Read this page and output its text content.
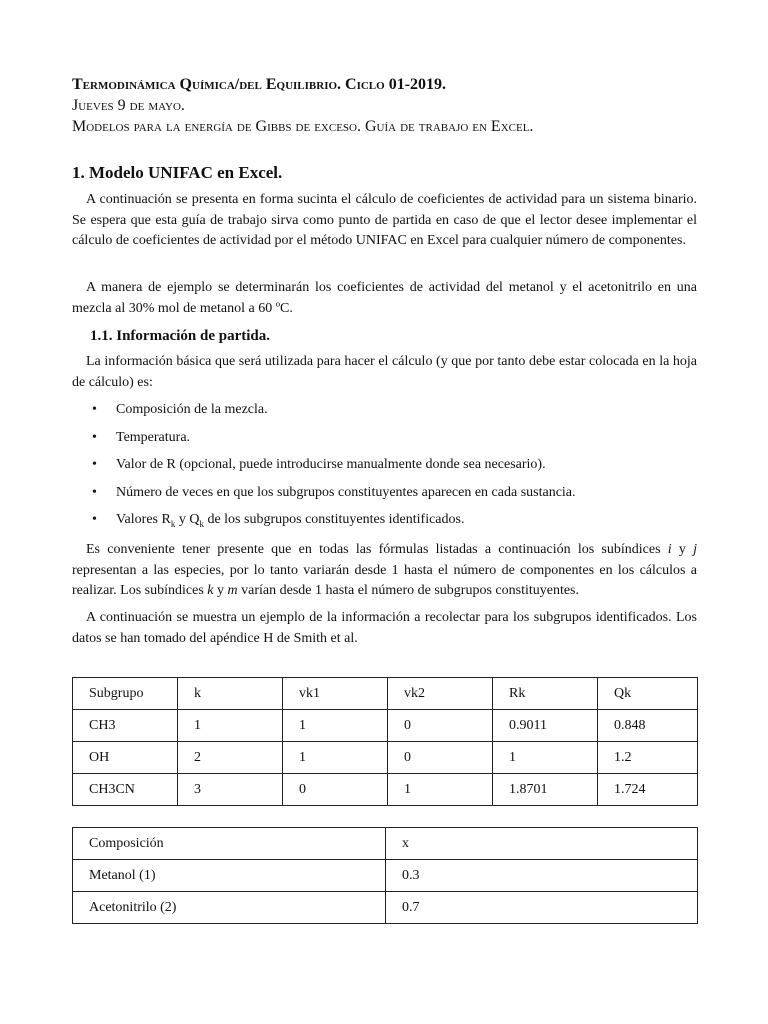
Termodinámica Química/del Equilibrio. Ciclo 01-2019.
Jueves 9 de mayo.
Modelos para la energía de Gibbs de exceso. Guía de trabajo en Excel.
1. Modelo UNIFAC en Excel.

A continuación se presenta en forma sucinta el cálculo de coeficientes de actividad para un sistema binario. Se espera que esta guía de trabajo sirva como punto de partida en caso de que el lector desee implementar el cálculo de coeficientes de actividad por el método UNIFAC en Excel para cualquier número de componentes.

A manera de ejemplo se determinarán los coeficientes de actividad del metanol y el acetonitrilo en una mezcla al 30% mol de metanol a 60 ºC.

1.1. Información de partida.

La información básica que será utilizada para hacer el cálculo (y que por tanto debe estar colocada en la hoja de cálculo) es:

• Composición de la mezcla.
• Temperatura.
• Valor de R (opcional, puede introducirse manualmente donde sea necesario).
• Número de veces en que los subgrupos constituyentes aparecen en cada sustancia.
• Valores $R_k$ y $Q_k$ de los subgrupos constituyentes identificados.

Es conveniente tener presente que en todas las fórmulas listadas a continuación los subíndices i y j representan a las especies, por lo tanto variarán desde 1 hasta el número de componentes en los cálculos a realizar. Los subíndices k y m varían desde 1 hasta el número de subgrupos constituyentes.

A continuación se muestra un ejemplo de la información a recolectar para los subgrupos identificados. Los datos se han tomado del apéndice H de Smith et al.

Subgrupo	k	vk1	vk2	Rk	Qk
CH3	1	1	0	0.9011	0.848
OH	2	1	0	1	1.2
CH3CN	3	0	1	1.8701	1.724
Composición	x
Metanol (1)	0.3
Acetonitrilo (2)	0.7
